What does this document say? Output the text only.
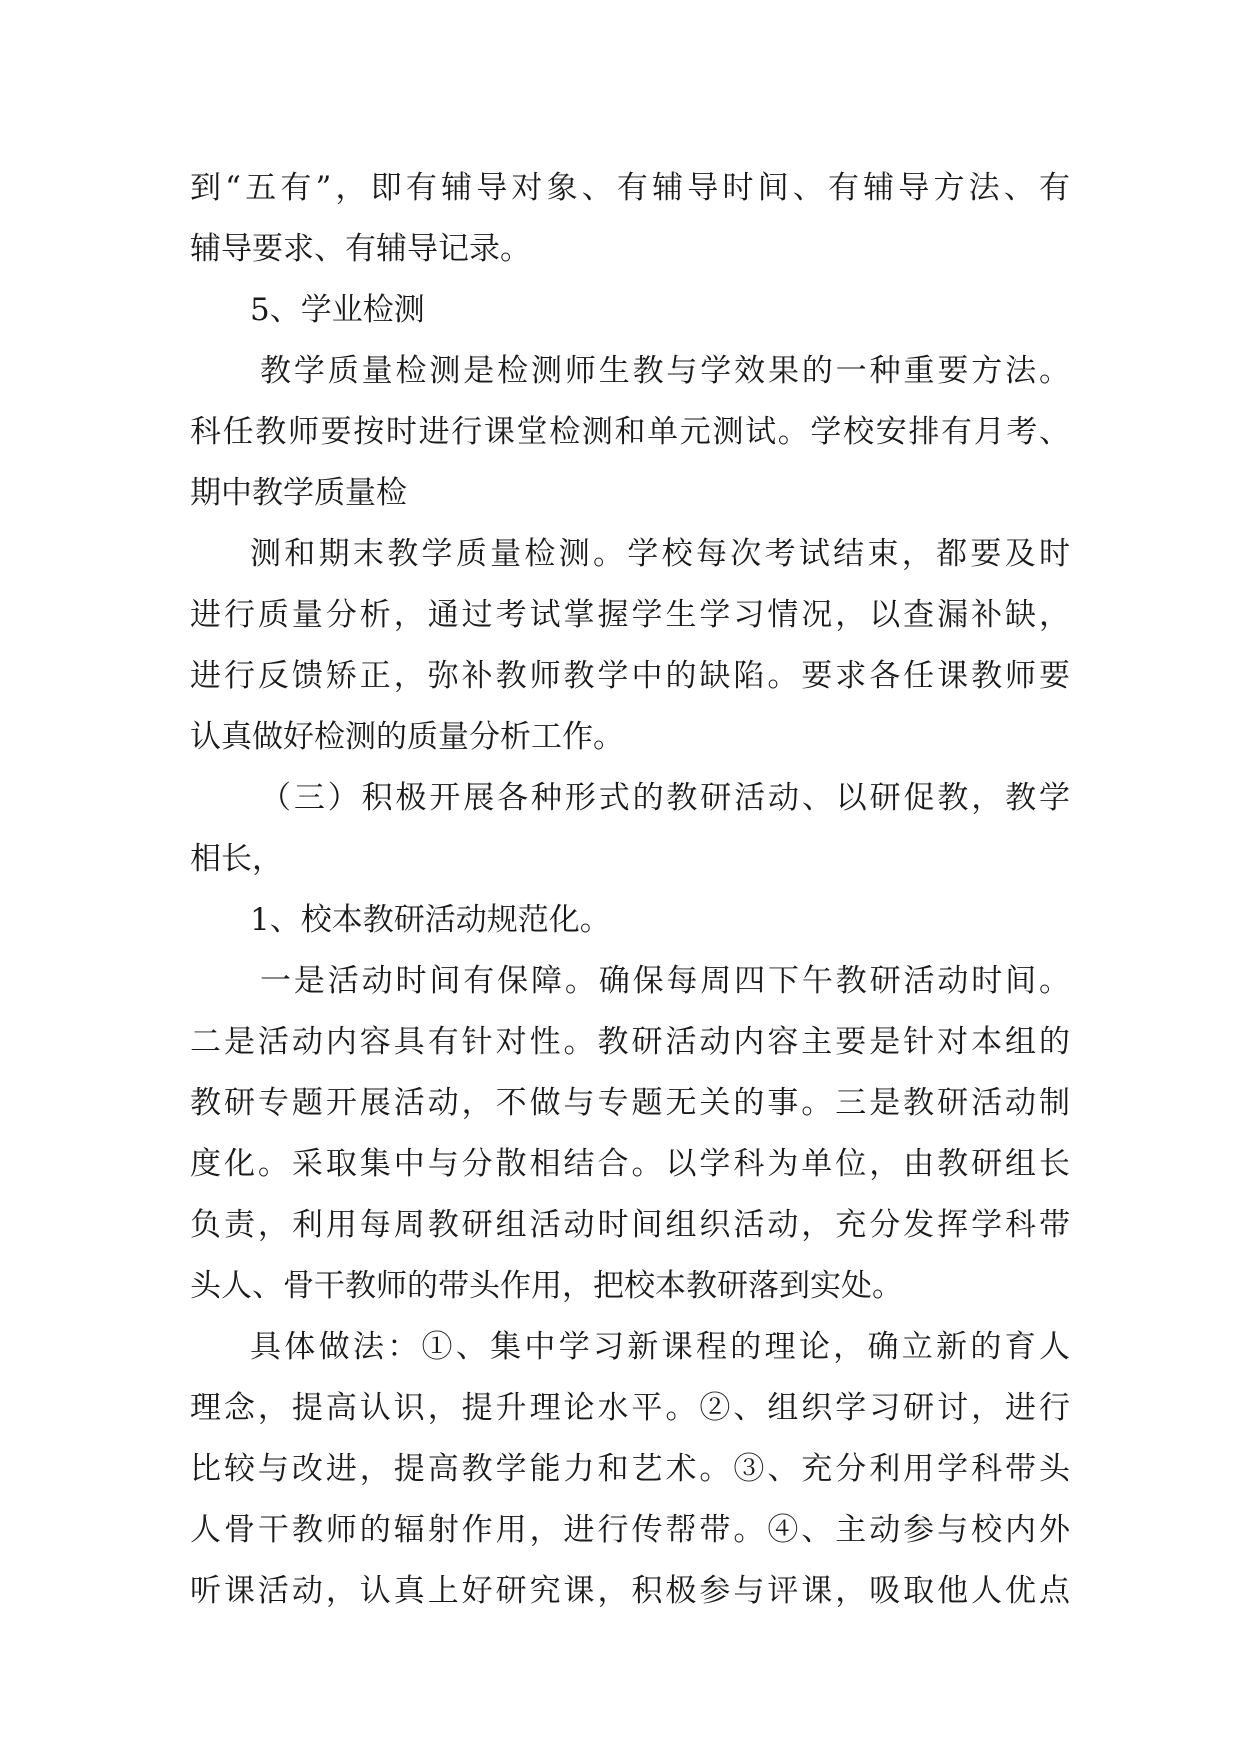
到“五有”，即有辅导对象、有辅导时间、有辅导方法、有
辅导要求、有辅导记录。
5、学业检测
教学质量检测是检测师生教与学效果的一种重要方法。
科任教师要按时进行课堂检测和单元测试。学校安排有月考、
期中教学质量检
测和期末教学质量检测。学校每次考试结束，都要及时
进行质量分析，通过考试掌握学生学习情况，以查漏补缺，
进行反馈矫正，弥补教师教学中的缺陷。要求各任课教师要
认真做好检测的质量分析工作。
（三）积极开展各种形式的教研活动、以研促教，教学
相长，
1、校本教研活动规范化。
一是活动时间有保障。确保每周四下午教研活动时间。
二是活动内容具有针对性。教研活动内容主要是针对本组的
教研专题开展活动，不做与专题无关的事。三是教研活动制
度化。采取集中与分散相结合。以学科为单位，由教研组长
负责，利用每周教研组活动时间组织活动，充分发挥学科带
头人、骨干教师的带头作用，把校本教研落到实处。
具体做法：①、集中学习新课程的理论，确立新的育人
理念，提高认识，提升理论水平。②、组织学习研讨，进行
比较与改进，提高教学能力和艺术。③、充分利用学科带头
人骨干教师的辐射作用，进行传帮带。④、主动参与校内外
听课活动，认真上好研究课，积极参与评课，吸取他人优点
